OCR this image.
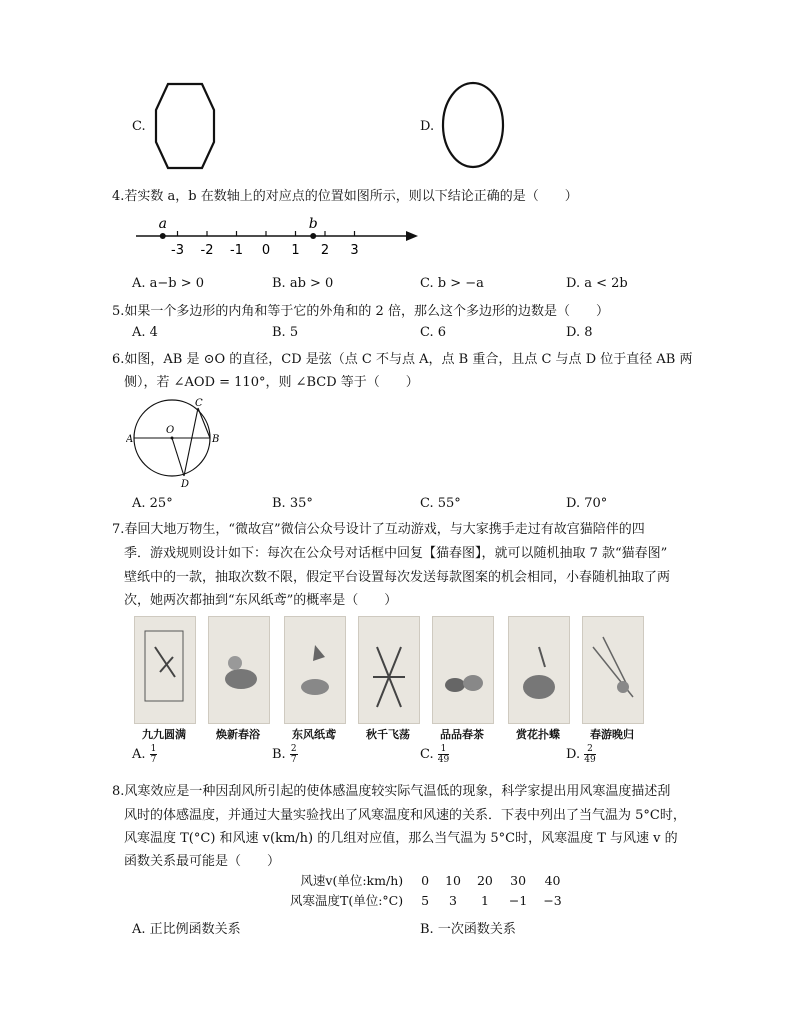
C.	D.
4.若实数 a，b 在数轴上的对应点的位置如图所示，则以下结论正确的是（　　）
-3 -2 -1 0 1 2 3
a	b
A. a−b > 0	B. ab > 0	C. b > −a	D. a < 2b
5.如果一个多边形的内角和等于它的外角和的 2 倍，那么这个多边形的边数是（　　）
A. 4	B. 5	C. 6	D. 8
6.如图，AB 是 ⊙O 的直径，CD 是弦（点 C 不与点 A，点 B 重合，且点 C 与点 D 位于直径 AB 两
侧），若 ∠AOD = 110°，则 ∠BCD 等于（　　）
A	B
C
D
O
A. 25°	B. 35°	C. 55°	D. 70°
7.春回大地万物生，“微故宫”微信公众号设计了互动游戏，与大家携手走过有故宫猫陪伴的四
季．游戏规则设计如下：每次在公众号对话框中回复【猫春图】，就可以随机抽取 7 款“猫春图”
壁纸中的一款，抽取次数不限，假定平台设置每次发送每款图案的机会相同，小春随机抽取了两
次，她两次都抽到“东风纸鸢”的概率是（　　）
九九圆满	焕新春浴	东风纸鸢	秋千飞荡	品品春茶	赏花扑蝶	春游晚归
A. $\frac{1}{7}$	B. $\frac{2}{7}$	C. $\frac{1}{49}$	D. $\frac{2}{49}$
8.风寒效应是一种因刮风所引起的使体感温度较实际气温低的现象，科学家提出用风寒温度描述刮
风时的体感温度，并通过大量实验找出了风寒温度和风速的关系．下表中列出了当气温为 5°C时，
风寒温度 T(°C) 和风速 v(km/h) 的几组对应值，那么当气温为 5°C时，风寒温度 T 与风速 v 的
函数关系最可能是（　　）
风速v(单位:km/h)	0	10	20	30	40
风寒温度T(单位:°C)	5	3	1	−1	−3
A. 正比例函数关系	B. 一次函数关系
